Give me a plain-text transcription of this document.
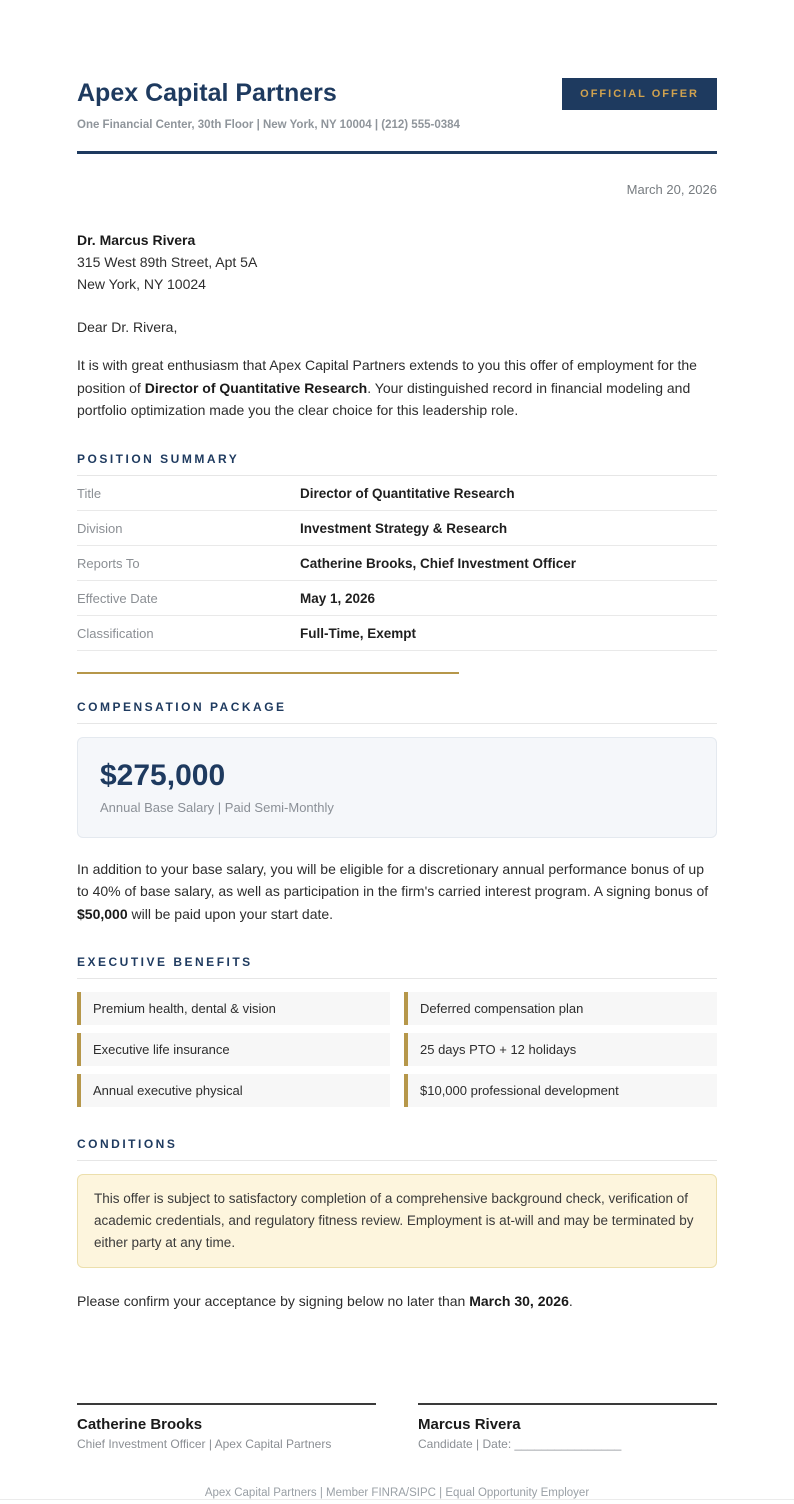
Apex Capital Partners	OFFICIAL OFFER
One Financial Center, 30th Floor | New York, NY 10004 | (212) 555-0384
March 20, 2026
Dr. Marcus Rivera
315 West 89th Street, Apt 5A
New York, NY 10024
Dear Dr. Rivera,

It is with great enthusiasm that Apex Capital Partners extends to you this offer of employment for the position of Director of Quantitative Research. Your distinguished record in financial modeling and portfolio optimization made you the clear choice for this leadership role.

POSITION SUMMARY
Title	Director of Quantitative Research
Division	Investment Strategy & Research
Reports To	Catherine Brooks, Chief Investment Officer
Effective Date	May 1, 2026
Classification	Full-Time, Exempt
COMPENSATION PACKAGE
$275,000
Annual Base Salary | Paid Semi-Monthly

In addition to your base salary, you will be eligible for a discretionary annual performance bonus of up to 40% of base salary, as well as participation in the firm's carried interest program. A signing bonus of $50,000 will be paid upon your start date.

EXECUTIVE BENEFITS
Premium health, dental & vision	Deferred compensation plan
Executive life insurance	25 days PTO + 12 holidays
Annual executive physical	$10,000 professional development
CONDITIONS
This offer is subject to satisfactory completion of a comprehensive background check, verification of academic credentials, and regulatory fitness review. Employment is at-will and may be terminated by either party at any time.

Please confirm your acceptance by signing below no later than March 30, 2026.

Catherine Brooks
Chief Investment Officer | Apex Capital Partners
Marcus Rivera
Candidate | Date: ________________
Apex Capital Partners | Member FINRA/SIPC | Equal Opportunity Employer
